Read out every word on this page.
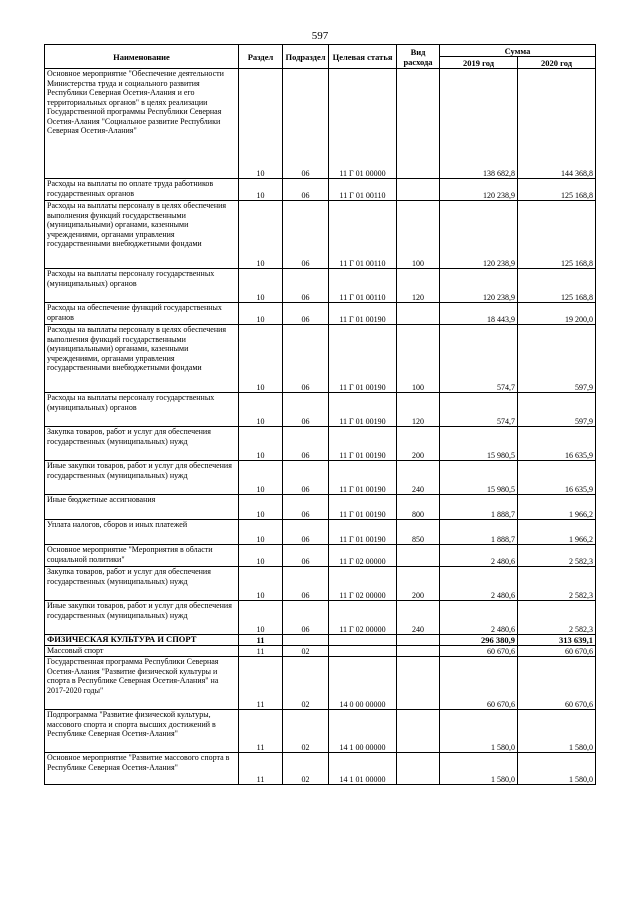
597
Наименование	Раздел	Подраздел	Целевая статья	Вид расхода	Сумма	
					2019 год	2020 год
Основное мероприятие "Обеспечение деятельности Министерства труда и социального развития Республики Северная Осетия-Алания и его территориальных органов" в целях реализации Государственной программы Республики Северная Осетия-Алания "Социальное развитие Республики Северная Осетия-Алания"	10	06	11 Г 01 00000		138 682,8	144 368,8
Расходы на выплаты по оплате труда работников государственных органов	10	06	11 Г 01 00110		120 238,9	125 168,8
Расходы на выплаты персоналу в целях обеспечения выполнения функций государственными (муниципальными) органами, казенными учреждениями, органами управления государственными внебюджетными фондами	10	06	11 Г 01 00110	100	120 238,9	125 168,8
Расходы на выплаты персоналу государственных (муниципальных) органов	10	06	11 Г 01 00110	120	120 238,9	125 168,8
Расходы на обеспечение функций государственных органов	10	06	11 Г 01 00190		18 443,9	19 200,0
Расходы на выплаты персоналу в целях обеспечения выполнения функций государственными (муниципальными) органами, казенными учреждениями, органами управления государственными внебюджетными фондами	10	06	11 Г 01 00190	100	574,7	597,9
Расходы на выплаты персоналу государственных (муниципальных) органов	10	06	11 Г 01 00190	120	574,7	597,9
Закупка товаров, работ и услуг для обеспечения государственных (муниципальных) нужд	10	06	11 Г 01 00190	200	15 980,5	16 635,9
Иные закупки товаров, работ и услуг для обеспечения государственных (муниципальных) нужд	10	06	11 Г 01 00190	240	15 980,5	16 635,9
Иные бюджетные ассигнования	10	06	11 Г 01 00190	800	1 888,7	1 966,2
Уплата налогов, сборов и иных платежей	10	06	11 Г 01 00190	850	1 888,7	1 966,2
Основное мероприятие "Мероприятия в области социальной политики"	10	06	11 Г 02 00000		2 480,6	2 582,3
Закупка товаров, работ и услуг для обеспечения государственных (муниципальных) нужд	10	06	11 Г 02 00000	200	2 480,6	2 582,3
Иные закупки товаров, работ и услуг для обеспечения государственных (муниципальных) нужд	10	06	11 Г 02 00000	240	2 480,6	2 582,3
ФИЗИЧЕСКАЯ КУЛЬТУРА И СПОРТ	11				296 380,9	313 639,1
Массовый спорт	11	02			60 670,6	60 670,6
Государственная программа Республики Северная Осетия-Алания "Развитие физической культуры и спорта в Республике Северная Осетия-Алания" на 2017-2020 годы"	11	02	14 0 00 00000		60 670,6	60 670,6
Подпрограмма "Развитие физической культуры, массового спорта и спорта высших достижений в Республике Северная Осетия-Алания"	11	02	14 1 00 00000		1 580,0	1 580,0
Основное мероприятие "Развитие массового спорта в Республике Северная Осетия-Алания"	11	02	14 1 01 00000		1 580,0	1 580,0
